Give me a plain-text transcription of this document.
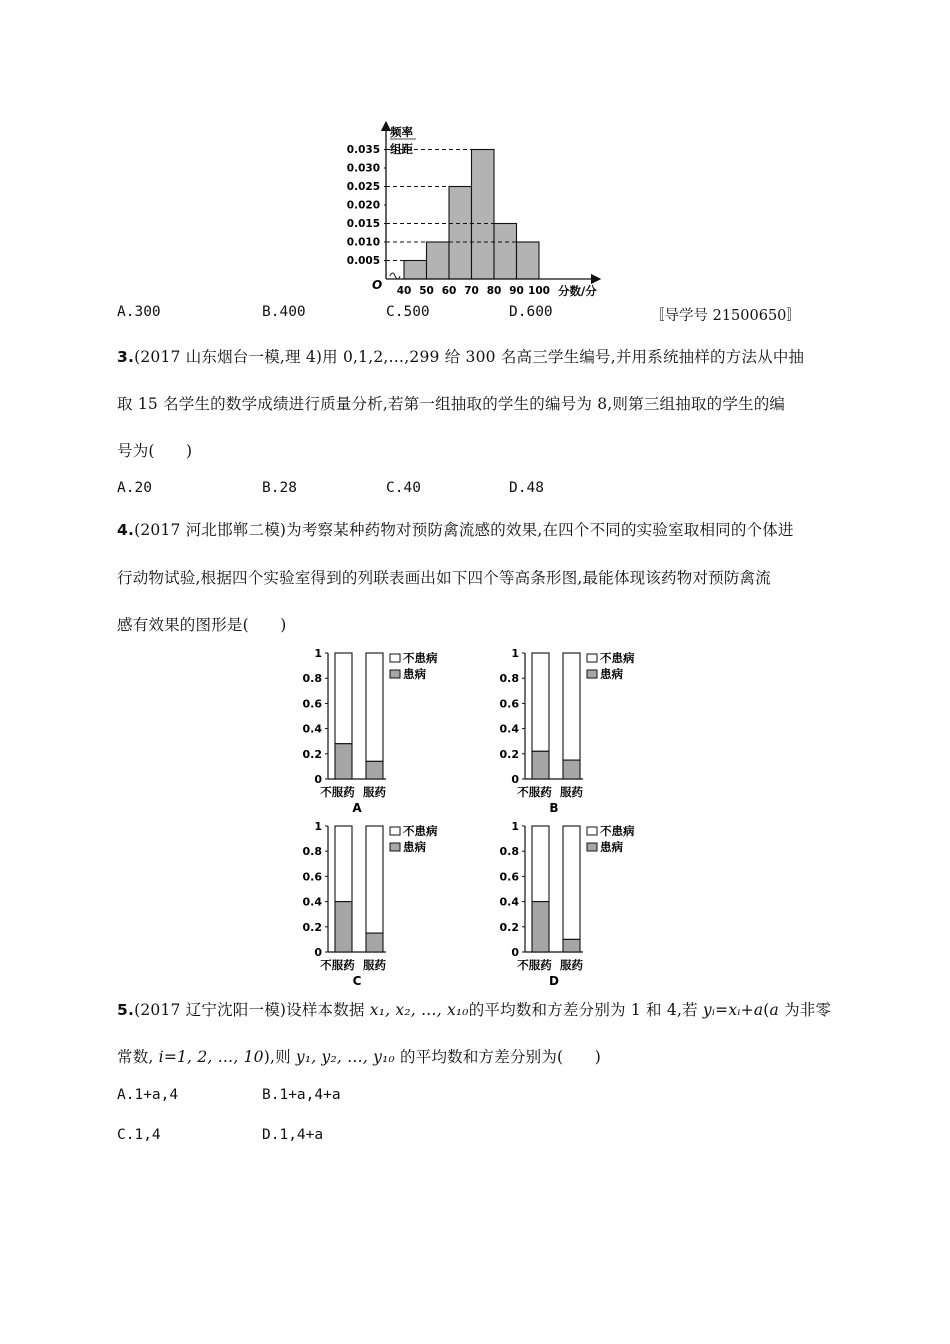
0.005
0.010
0.015
0.020
0.025
0.030
0.035
40 50 60 70 80 90 100
频率
组距
O	分数/分
A.300	B.400	C.500	D.600	〚导学号 21500650〛
3.(2017 山东烟台一模,理 4)用 0,1,2,…,299 给 300 名高三学生编号,并用系统抽样的方法从中抽
取 15 名学生的数学成绩进行质量分析,若第一组抽取的学生的编号为 8,则第三组抽取的学生的编
号为(　　)
A.20	B.28	C.40	D.48
4.(2017 河北邯郸二模)为考察某种药物对预防禽流感的效果,在四个不同的实验室取相同的个体进
行动物试验,根据四个实验室得到的列联表画出如下四个等高条形图,最能体现该药物对预防禽流
感有效果的图形是(　　)
0
0.2
0.4
0.6
0.8
1
不服药 服药
A
不患病
患病
0
0.2
0.4
0.6
0.8
1
不服药 服药
B
不患病
患病
0
0.2
0.4
0.6
0.8
1
不服药 服药
C
不患病
患病
0
0.2
0.4
0.6
0.8
1
不服药 服药
D
不患病
患病
5.(2017 辽宁沈阳一模)设样本数据 x₁, x₂, …, x₁₀的平均数和方差分别为 1 和 4,若 yᵢ=xᵢ+a(a 为非零
常数, i=1, 2, …, 10),则 y₁, y₂, …, y₁₀ 的平均数和方差分别为(　　)
A.1+a,4	B.1+a,4+a
C.1,4	D.1,4+a
